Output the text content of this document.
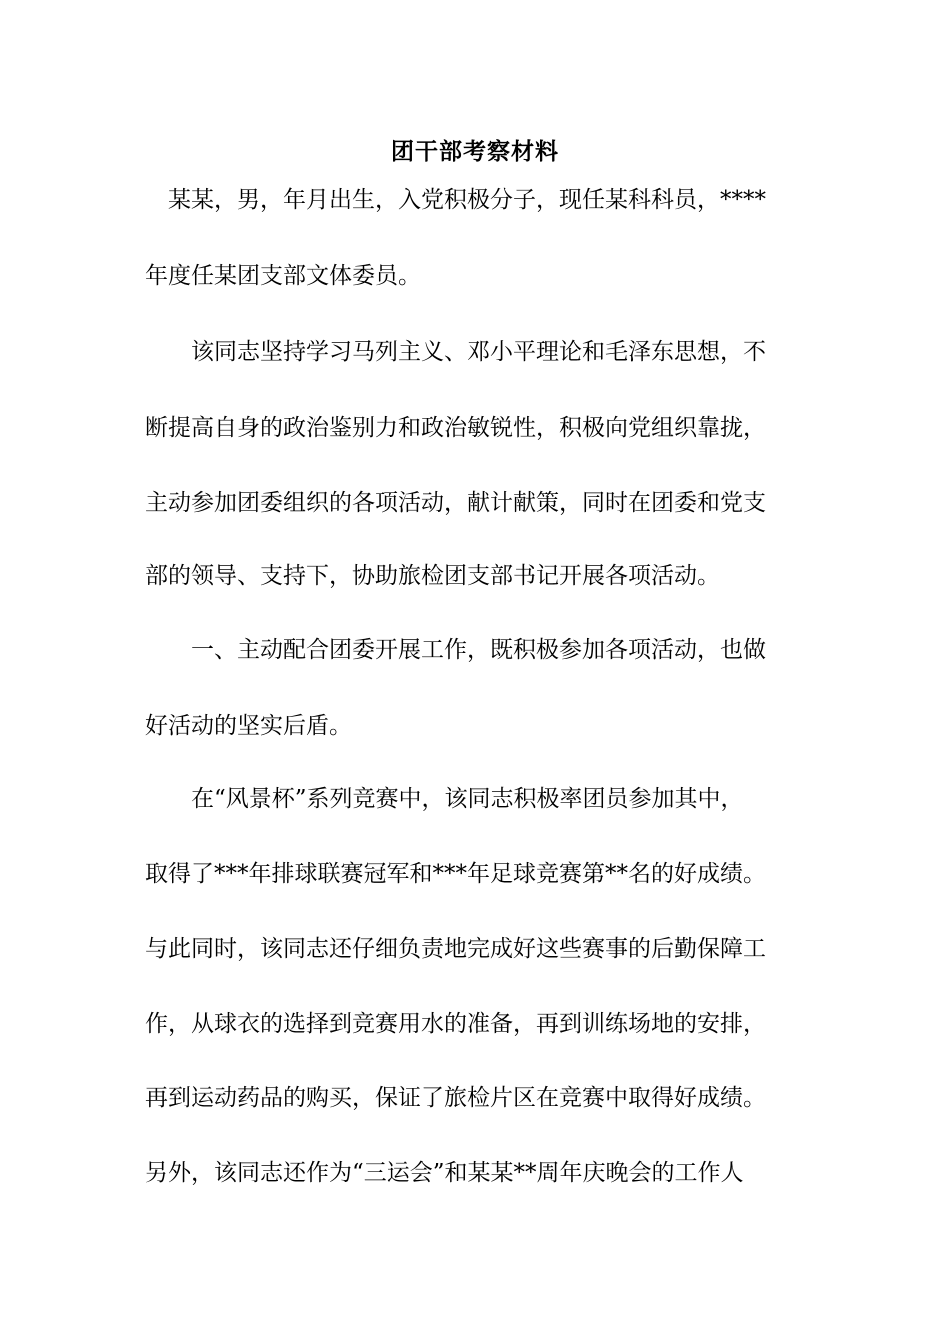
团干部考察材料
　某某，男，年月出生，入党积极分子，现任某科科员，****
年度任某团支部文体委员。
　　该同志坚持学习马列主义、邓小平理论和毛泽东思想，不
断提高自身的政治鉴别力和政治敏锐性，积极向党组织靠拢，
主动参加团委组织的各项活动，献计献策，同时在团委和党支
部的领导、支持下，协助旅检团支部书记开展各项活动。
　　一、主动配合团委开展工作，既积极参加各项活动，也做
好活动的坚实后盾。
　　在“风景杯”系列竞赛中，该同志积极率团员参加其中，
取得了***年排球联赛冠军和***年足球竞赛第**名的好成绩。
与此同时，该同志还仔细负责地完成好这些赛事的后勤保障工
作，从球衣的选择到竞赛用水的准备，再到训练场地的安排，
再到运动药品的购买，保证了旅检片区在竞赛中取得好成绩。
另外，该同志还作为“三运会”和某某**周年庆晚会的工作人
